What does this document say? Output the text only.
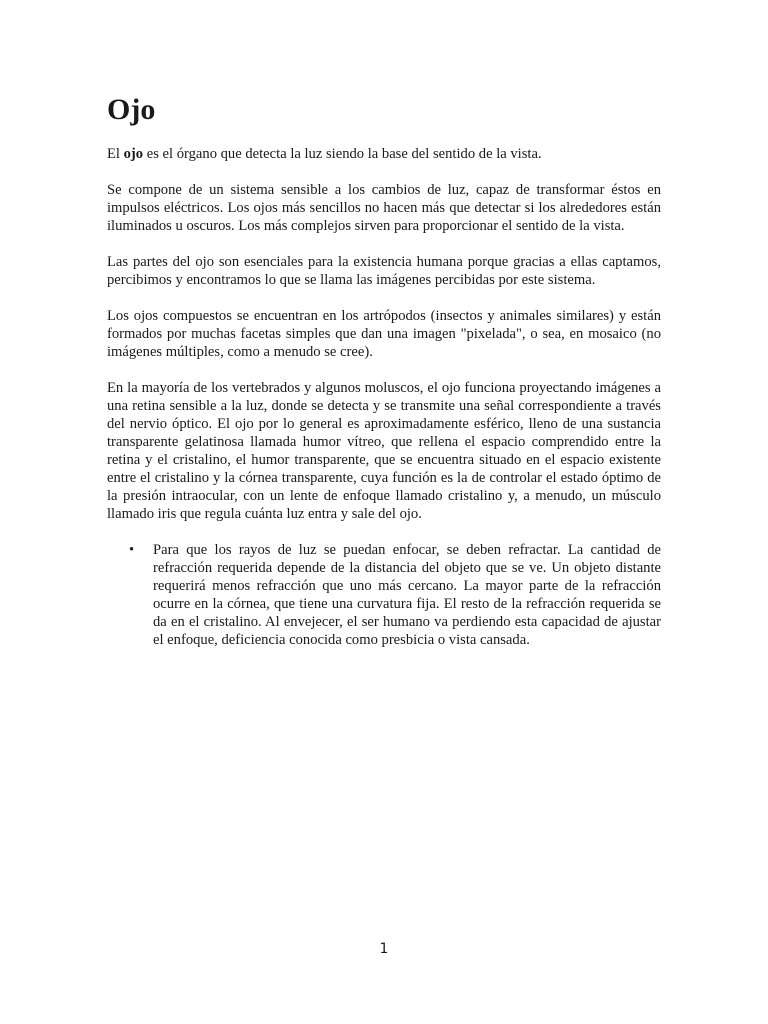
Ojo

El ojo es el órgano que detecta la luz siendo la base del sentido de la vista.

Se compone de un sistema sensible a los cambios de luz, capaz de transformar éstos en impulsos eléctricos. Los ojos más sencillos no hacen más que detectar si los alrededores están iluminados u oscuros. Los más complejos sirven para proporcionar el sentido de la vista.

Las partes del ojo son esenciales para la existencia humana porque gracias a ellas captamos, percibimos y encontramos lo que se llama las imágenes percibidas por este sistema.

Los ojos compuestos se encuentran en los artrópodos (insectos y animales similares) y están formados por muchas facetas simples que dan una imagen "pixelada", o sea, en mosaico (no imágenes múltiples, como a menudo se cree).

En la mayoría de los vertebrados y algunos moluscos, el ojo funciona proyectando imágenes a una retina sensible a la luz, donde se detecta y se transmite una señal correspondiente a través del nervio óptico. El ojo por lo general es aproximadamente esférico, lleno de una sustancia transparente gelatinosa llamada humor vítreo, que rellena el espacio comprendido entre la retina y el cristalino, el humor transparente, que se encuentra situado en el espacio existente entre el cristalino y la córnea transparente, cuya función es la de controlar el estado óptimo de la presión intraocular, con un lente de enfoque llamado cristalino y, a menudo, un músculo llamado iris que regula cuánta luz entra y sale del ojo.

• Para que los rayos de luz se puedan enfocar, se deben refractar. La cantidad de refracción requerida depende de la distancia del objeto que se ve. Un objeto distante requerirá menos refracción que uno más cercano. La mayor parte de la refracción ocurre en la córnea, que tiene una curvatura fija. El resto de la refracción requerida se da en el cristalino. Al envejecer, el ser humano va perdiendo esta capacidad de ajustar el enfoque, deficiencia conocida como presbicia o vista cansada.
1
